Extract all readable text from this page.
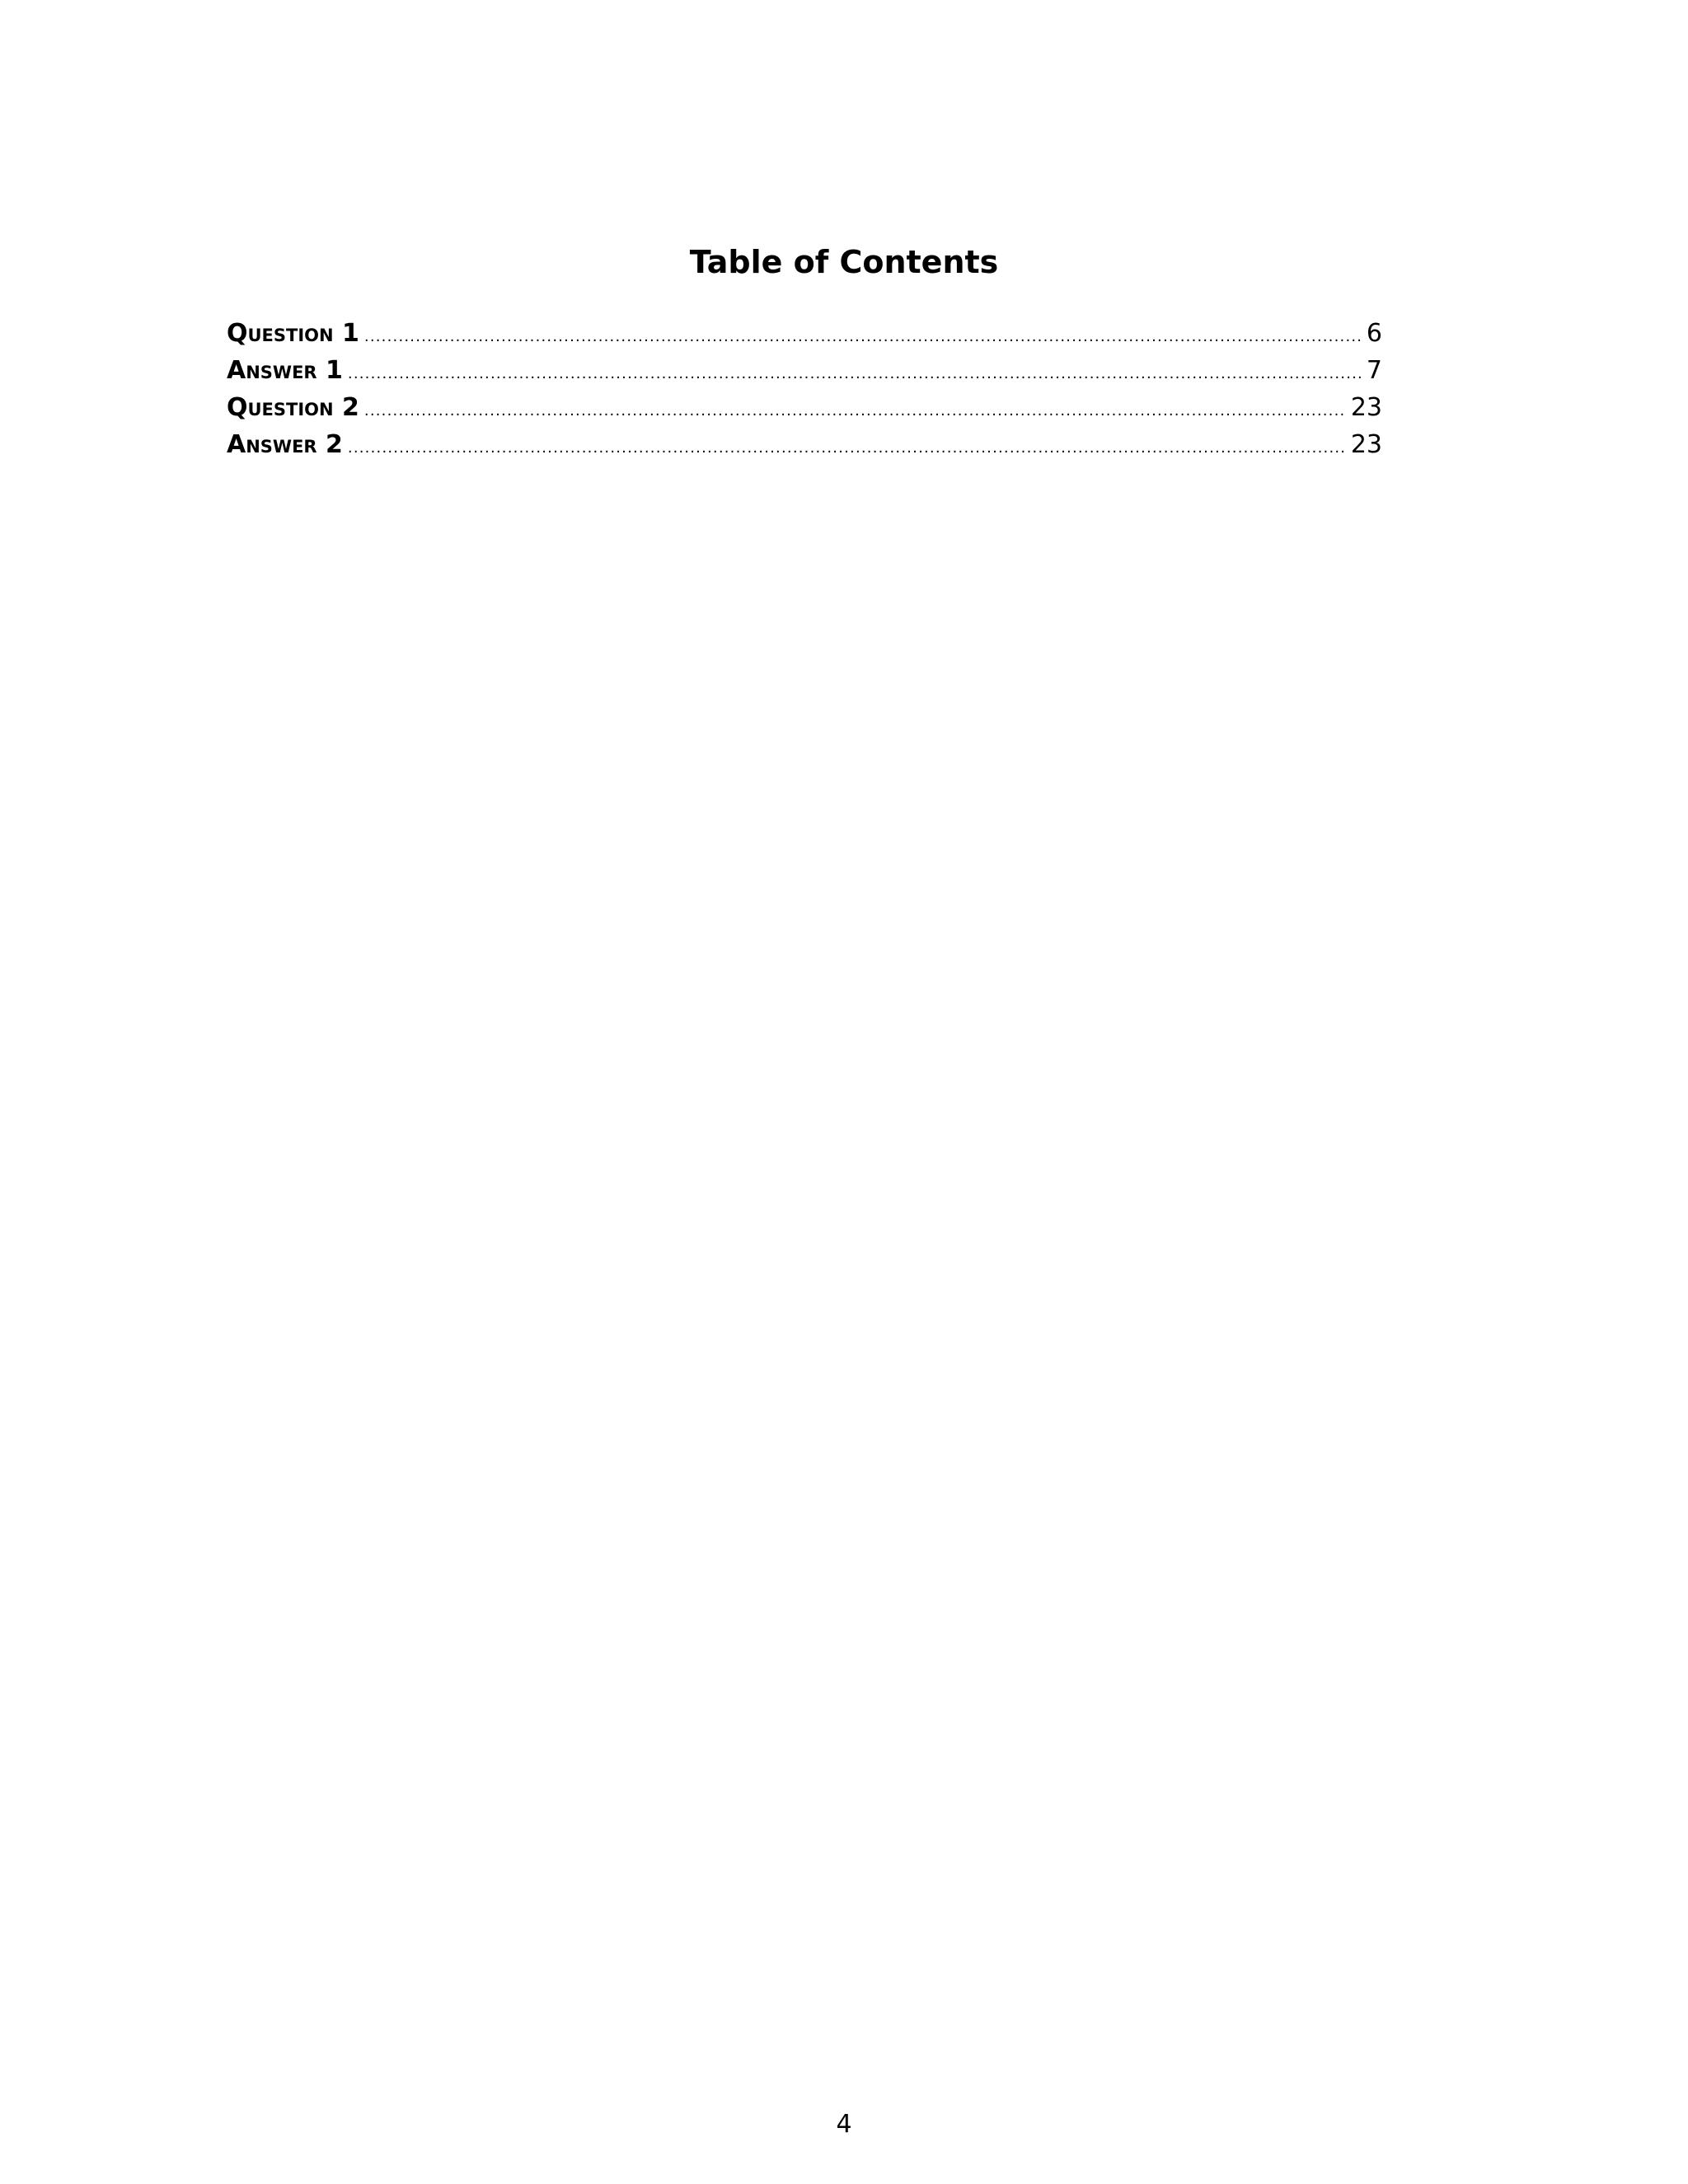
Table of Contents
Question 1 .....	6
Answer 1 .....	7
Question 2 .....	23
Answer 2 .....	23
4
